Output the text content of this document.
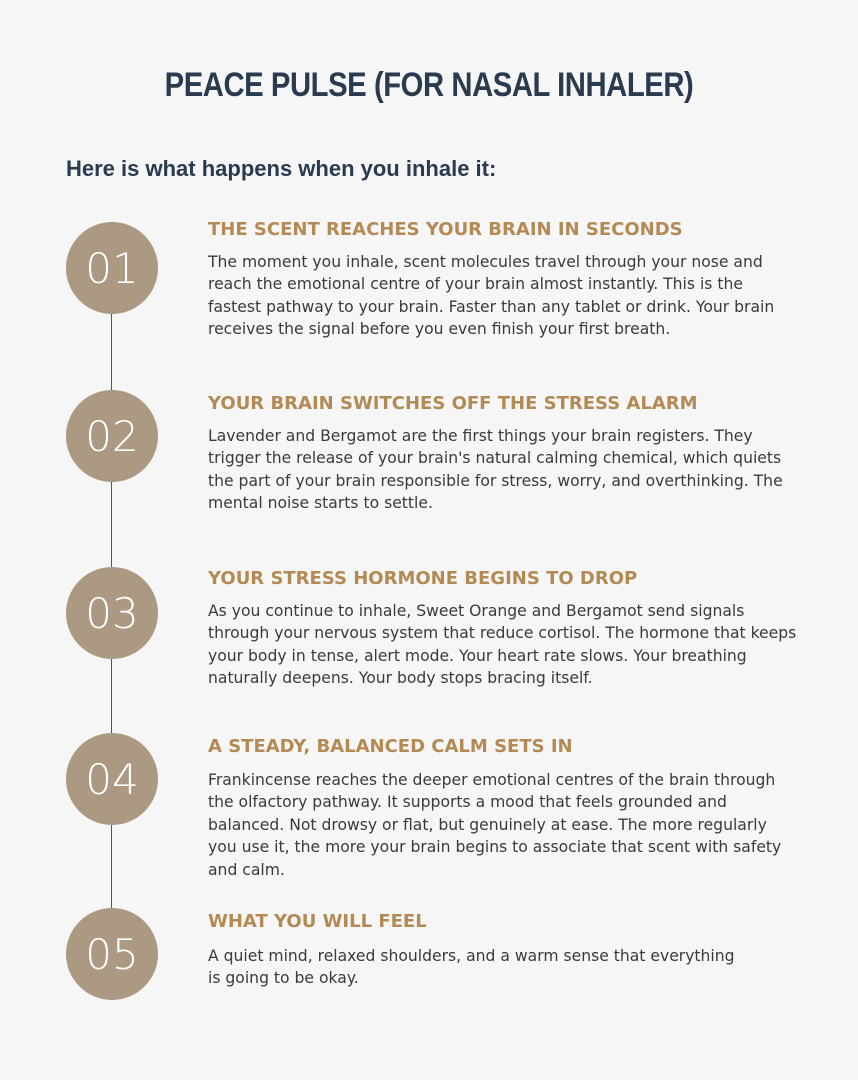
PEACE PULSE (FOR NASAL INHALER)
Here is what happens when you inhale it:
01
THE SCENT REACHES YOUR BRAIN IN SECONDS

The moment you inhale, scent molecules travel through your nose and reach the emotional centre of your brain almost instantly. This is the fastest pathway to your brain. Faster than any tablet or drink. Your brain receives the signal before you even finish your first breath.

02
YOUR BRAIN SWITCHES OFF THE STRESS ALARM

Lavender and Bergamot are the first things your brain registers. They trigger the release of your brain's natural calming chemical, which quiets the part of your brain responsible for stress, worry, and overthinking. The mental noise starts to settle.

03
YOUR STRESS HORMONE BEGINS TO DROP

As you continue to inhale, Sweet Orange and Bergamot send signals through your nervous system that reduce cortisol. The hormone that keeps your body in tense, alert mode. Your heart rate slows. Your breathing naturally deepens. Your body stops bracing itself.

04
A STEADY, BALANCED CALM SETS IN

Frankincense reaches the deeper emotional centres of the brain through the olfactory pathway. It supports a mood that feels grounded and balanced. Not drowsy or flat, but genuinely at ease. The more regularly you use it, the more your brain begins to associate that scent with safety and calm.

05
WHAT YOU WILL FEEL

A quiet mind, relaxed shoulders, and a warm sense that everything is going to be okay.
